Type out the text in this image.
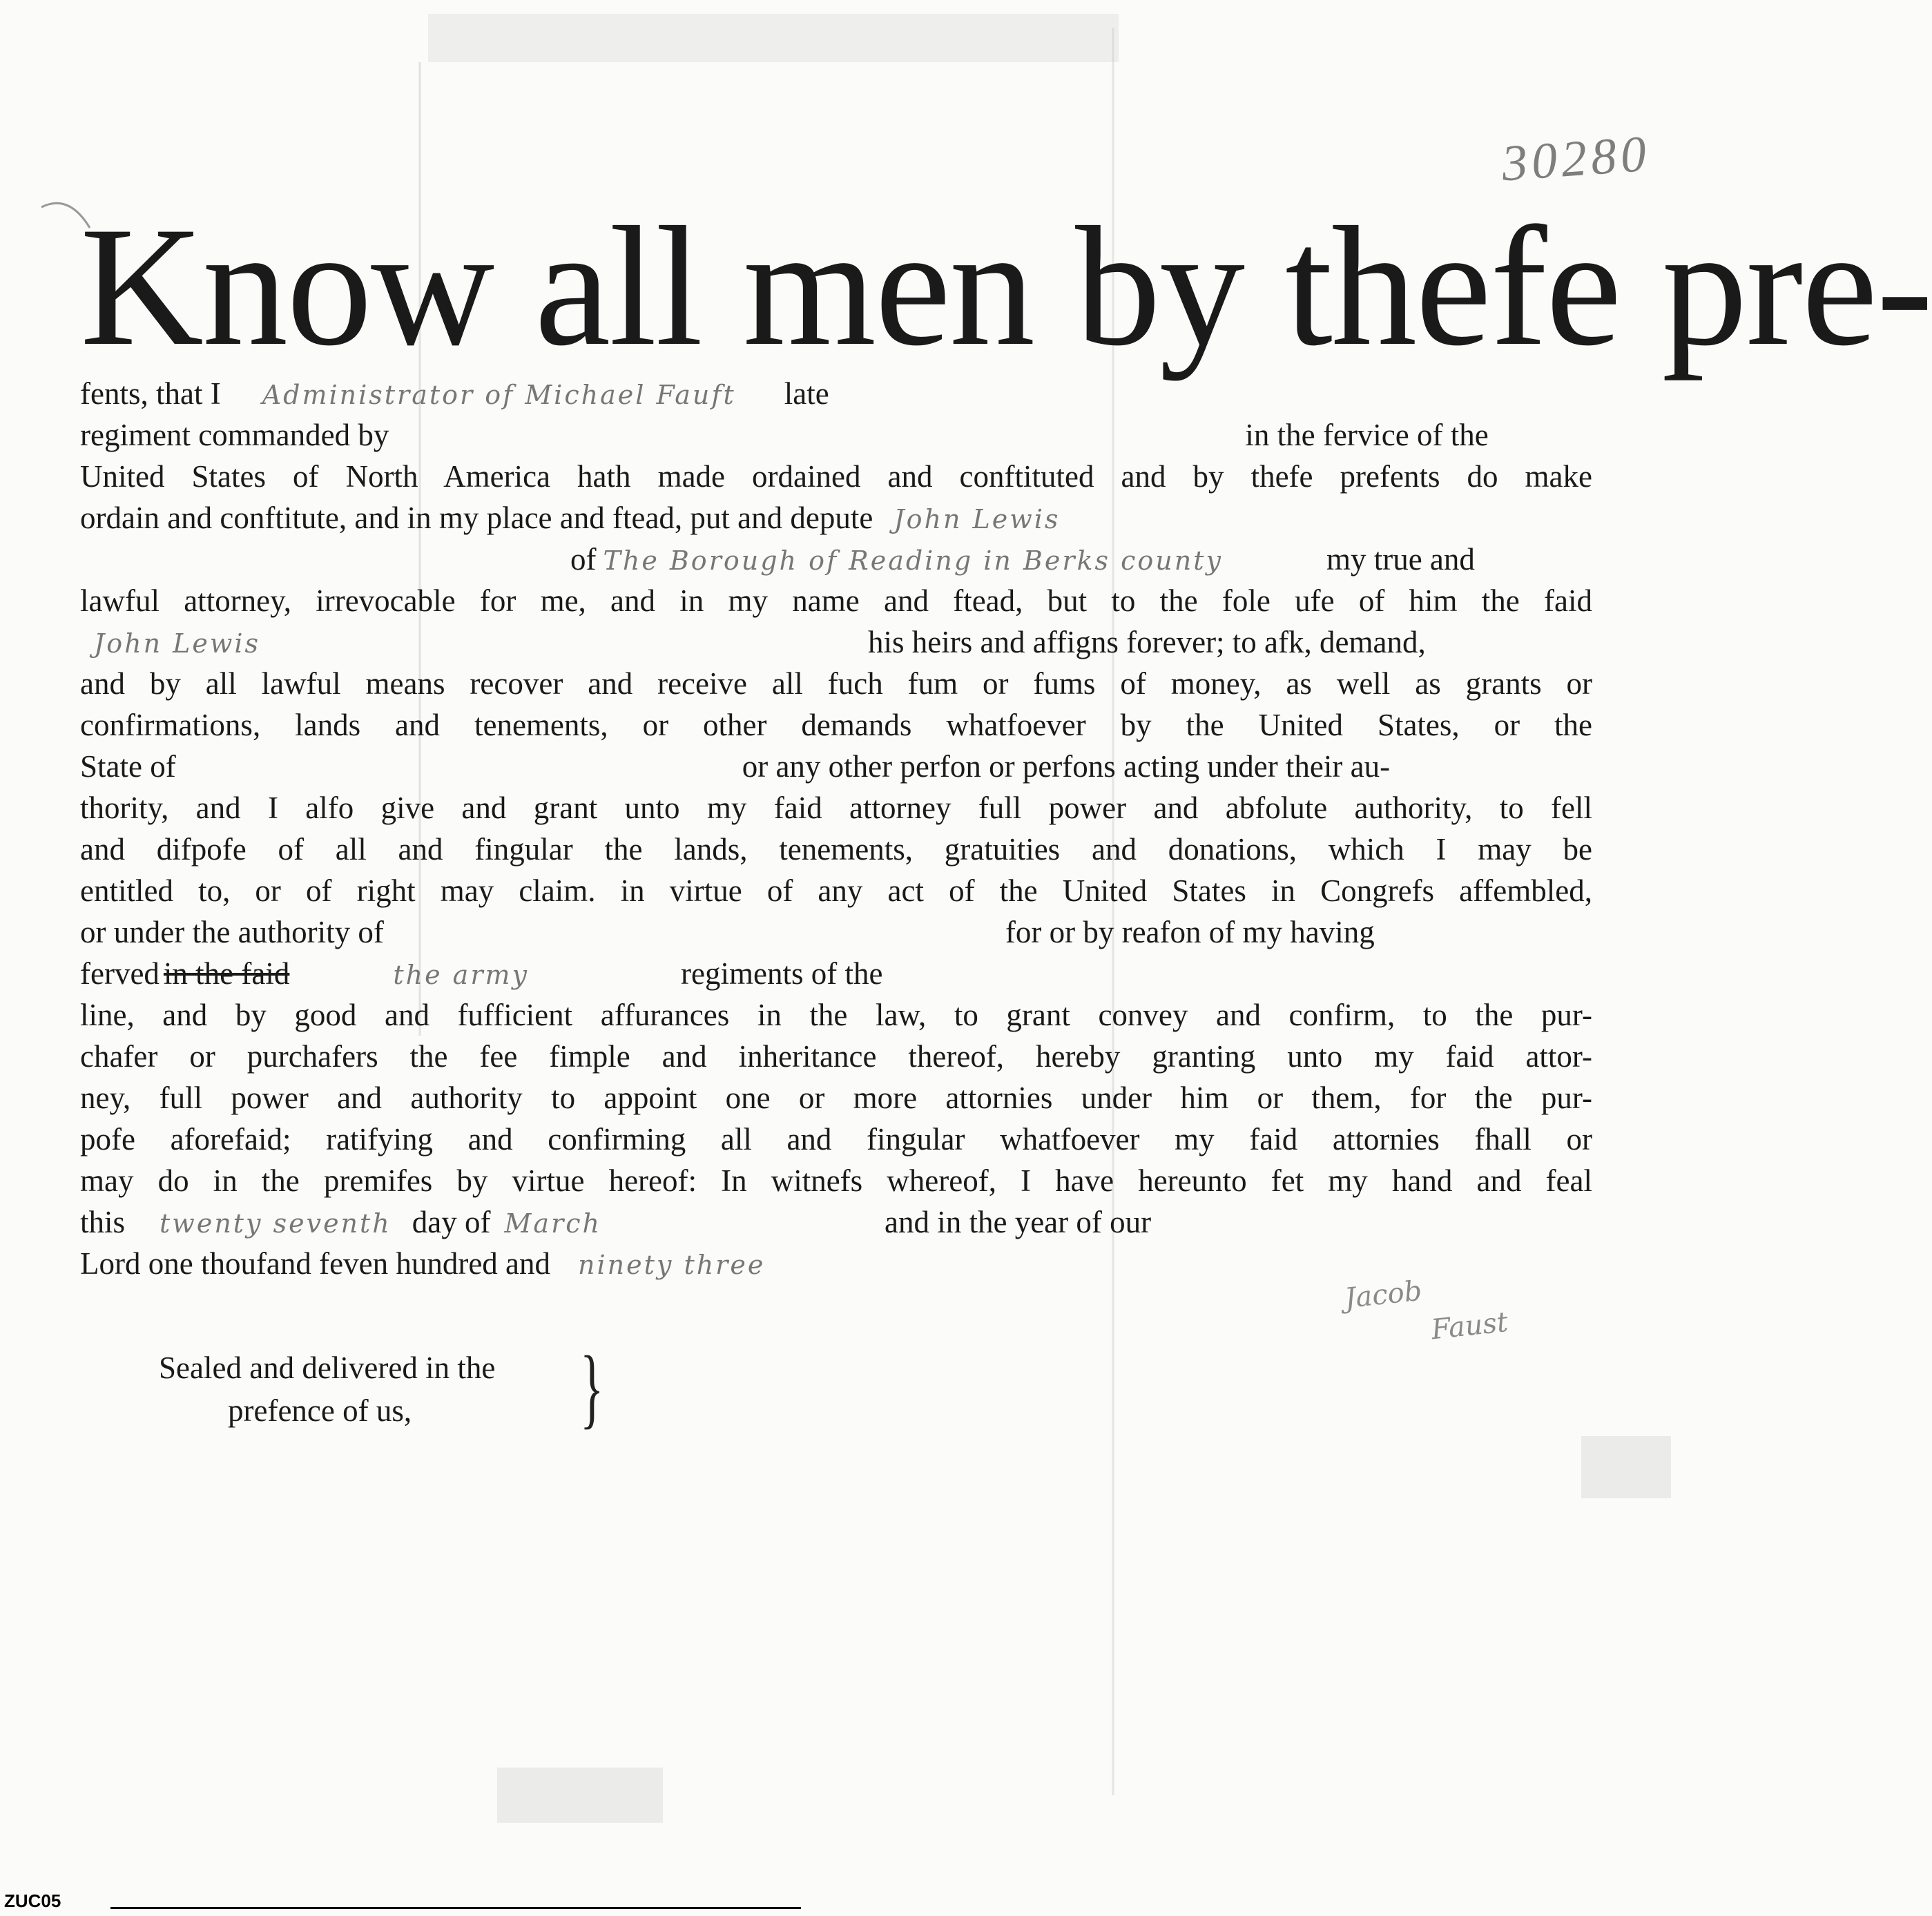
30280
Know all men by thefe pre-
fents, that I Administrator of Michael Fauft late
regiment commanded by	in the fervice of the
United States of North America hath made ordained and conftituted and by thefe prefents do make
ordain and conftitute, and in my place and ftead, put and depute John Lewis
of The Borough of Reading in Berks county	my true and
lawful attorney, irrevocable for me, and in my name and ftead, but to the fole ufe of him the faid
John Lewis	his heirs and affigns forever; to afk, demand,
and by all lawful means recover and receive all fuch fum or fums of money, as well as grants or
confirmations, lands and tenements, or other demands whatfoever by the United States, or the
State of	or any other perfon or perfons acting under their au-
thority, and I alfo give and grant unto my faid attorney full power and abfolute authority, to fell
and difpofe of all and fingular the lands, tenements, gratuities and donations, which I may be
entitled to, or of right may claim. in virtue of any act of the United States in Congrefs affembled,
or under the authority of	for or by reafon of my having
ferved in the faid	the army	regiments of the
line, and by good and fufficient affurances in the law, to grant convey and confirm, to the pur-
chafer or purchafers the fee fimple and inheritance thereof, hereby granting unto my faid attor-
ney, full power and authority to appoint one or more attornies under him or them, for the pur-
pofe aforefaid; ratifying and confirming all and fingular whatfoever my faid attornies fhall or
may do in the premifes by virtue hereof: In witnefs whereof, I have hereunto fet my hand and feal
this twenty seventh day of March	and in the year of our
Lord one thoufand feven hundred and ninety three
Sealed and delivered in the
prefence of us,	}
Jacob
Faust
ZUC05
